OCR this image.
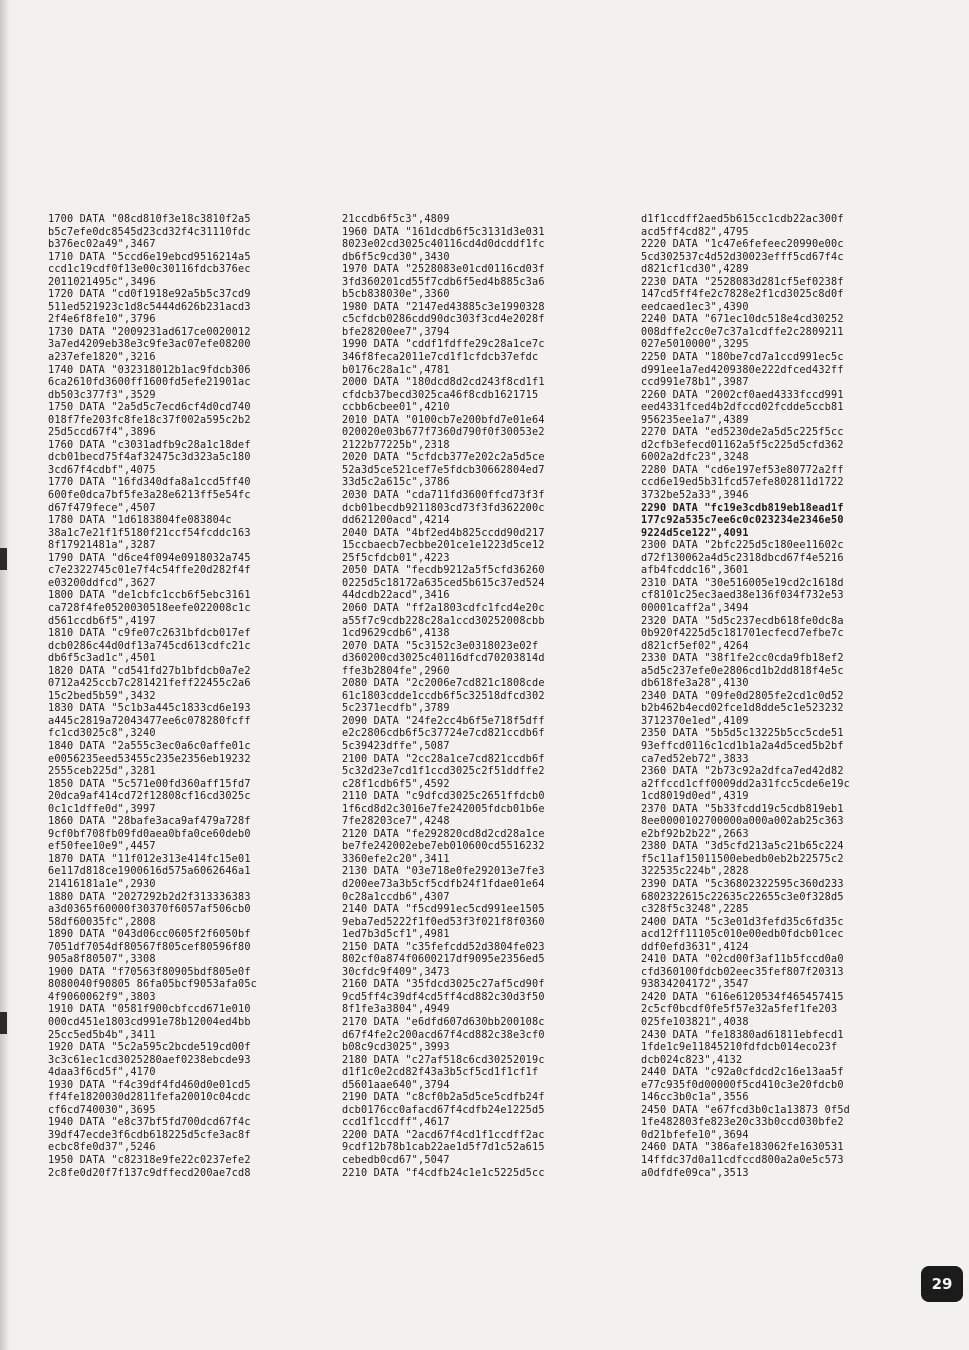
1700 DATA "08cd810f3e18c3810f2a5
b5c7efe0dc8545d23cd32f4c31110fdc
b376ec02a49",3467
1710 DATA "5ccd6e19ebcd9516214a5
ccd1c19cdf0f13e00c30116fdcb376ec
2011021495c",3496
1720 DATA "cd0f1918e92a5b5c37cd9
511ed521923c1d8c5444d626b231acd3
2f4e6f8fe10",3796
1730 DATA "2009231ad617ce0020012
3a7ed4209eb38e3c9fe3ac07efe08200
a237efe1820",3216
1740 DATA "032318012b1ac9fdcb306
6ca2610fd3600ff1600fd5efe21901ac
db503c377f3",3529
1750 DATA "2a5d5c7ecd6cf4d0cd740
018f7fe203fc8fe18c37f002a595c2b2
25d5ccd67f4",3896
1760 DATA "c3031adfb9c28a1c18def
dcb01becd75f4af32475c3d323a5c180
3cd67f4cdbf",4075
1770 DATA "16fd340dfa8a1ccd5ff40
600fe0dca7bf5fe3a28e6213ff5e54fc
d67f479fece",4507
1780 DATA "1d6183804fe083804c
38a1c7e21f1f5180f21ccf54fcddc163
8f17921481a",3287
1790 DATA "d6ce4f094e0918032a745
c7e2322745c01e7f4c54ffe20d282f4f
e03200ddfcd",3627
1800 DATA "de1cbfc1ccb6f5ebc3161
ca728f4fe0520030518eefe022008c1c
d561ccdb6f5",4197
1810 DATA "c9fe07c2631bfdcb017ef
dcb0286c44d0df13a745cd613cdfc21c
db6f5c3ad1c",4501
1820 DATA "cd541fd27b1bfdcb0a7e2
0712a425ccb7c281421feff22455c2a6
15c2bed5b59",3432
1830 DATA "5c1b3a445c1833cd6e193
a445c2819a72043477ee6c078280fcff
fc1cd3025c8",3240
1840 DATA "2a555c3ec0a6c0affe01c
e0056235eed53455c235e2356eb19232
2555ceb225d",3281
1850 DATA "5c571e00fd360aff15fd7
20dca9af414cd72f12808cf16cd3025c
0c1c1dffe0d",3997
1860 DATA "28bafe3aca9af479a728f
9cf0bf708fb09fd0aea0bfa0ce60deb0
ef50fee10e9",4457
1870 DATA "11f012e313e414fc15e01
6e117d818ce1900616d575a6062646a1
21416181a1e",2930
1880 DATA "2027292b2d2f313336383
a3d0365f60000f30370f6057af506cb0
58df60035fc",2808
1890 DATA "043d06cc0605f2f6050bf
7051df7054df80567f805cef80596f80
905a8f80507",3308
1900 DATA "f70563f80905bdf805e0f
8080040f90805 86fa05bcf9053afa05c
4f9060062f9",3803
1910 DATA "0581f900cbfccd671e010
000cd451e1803cd991e78b12004ed4bb
25cc5ed5b4b",3411
1920 DATA "5c2a595c2bcde519cd00f
3c3c61ec1cd3025280aef0238ebcde93
4daa3f6cd5f",4170
1930 DATA "f4c39df4fd460d0e01cd5
ff4fe1820030d2811fefa20010c04cdc
cf6cd740030",3695
1940 DATA "e8c37bf5fd700dcd67f4c
39df47ecde3f6cdb618225d5cfe3ac8f
ecbc8fe0d37",5246
1950 DATA "c82318e9fe22c0237efe2
2c8fe0d20f7f137c9dffecd200ae7cd8
21ccdb6f5c3",4809
1960 DATA "161dcdb6f5c3131d3e031
8023e02cd3025c40116cd4d0dcddf1fc
db6f5c9cd30",3430
1970 DATA "2528083e01cd0116cd03f
3fd360201cd55f7cdb6f5ed4b885c3a6
b5cb838030e",3360
1980 DATA "2147ed43885c3e1990328
c5cfdcb0286cdd90dc303f3cd4e2028f
bfe28200ee7",3794
1990 DATA "cddf1fdffe29c28a1ce7c
346f8feca2011e7cd1f1cfdcb37efdc
b0176c28a1c",4781
2000 DATA "180dcd8d2cd243f8cd1f1
cfdcb37becd3025ca46f8cdb1621715
ccbb6cbee01",4210
2010 DATA "0100cb7e200bfd7e01e64
020020e03b677f7360d790f0f30053e2
2122b77225b",2318
2020 DATA "5cfdcb377e202c2a5d5ce
52a3d5ce521cef7e5fdcb30662804ed7
33d5c2a615c",3786
2030 DATA "cda711fd3600ffcd73f3f
dcb01becdb9211803cd73f3fd362200c
dd621200acd",4214
2040 DATA "4bf2ed4b825ccdd90d217
15ccbaecb7ecbbe201ce1e1223d5ce12
25f5cfdcb01",4223
2050 DATA "fecdb9212a5f5cfd36260
0225d5c18172a635ced5b615c37ed524
44dcdb22acd",3416
2060 DATA "ff2a1803cdfc1fcd4e20c
a55f7c9cdb228c28a1ccd30252008cbb
1cd9629cdb6",4138
2070 DATA "5c3152c3e0318023e02f
d360200cd3025c40116dfcd70203814d
ffe3b2804fe",2960
2080 DATA "2c2006e7cd821c1808cde
61c1803cdde1ccdb6f5c32518dfcd302
5c2371ecdfb",3789
2090 DATA "24fe2cc4b6f5e718f5dff
e2c2806cdb6f5c37724e7cd821ccdb6f
5c39423dffe",5087
2100 DATA "2cc28a1ce7cd821ccdb6f
5c32d23e7cd1f1ccd3025c2f51ddffe2
c28f1cdb6f5",4592
2110 DATA "c9dfcd3025c2651ffdcb0
1f6cd8d2c3016e7fe242005fdcb01b6e
7fe28203ce7",4248
2120 DATA "fe292820cd8d2cd28a1ce
be7fe242002ebe7eb010600cd5516232
3360efe2c20",3411
2130 DATA "03e718e0fe292013e7fe3
d200ee73a3b5cf5cdfb24f1fdae01e64
0c28a1ccdb6",4307
2140 DATA "f5cd991ec5cd991ee1505
9eba7ed5222f1f0ed53f3f021f8f0360
1ed7b3d5cf1",4981
2150 DATA "c35fefcdd52d3804fe023
802cf0a874f0600217df9095e2356ed5
30cfdc9f409",3473
2160 DATA "35fdcd3025c27af5cd90f
9cd5ff4c39df4cd5ff4cd882c30d3f50
8f1fe3a3804",4949
2170 DATA "e6dfd607d630bb200108c
d67f4fe2c200acd67f4cd882c38e3cf0
b08c9cd3025",3993
2180 DATA "c27af518c6cd30252019c
d1f1c0e2cd82f43a3b5cf5cd1f1cf1f
d5601aae640",3794
2190 DATA "c8cf0b2a5d5ce5cdfb24f
dcb0176cc0afacd67f4cdfb24e1225d5
ccd1f1ccdff",4617
2200 DATA "2acd67f4cd1f1ccdff2ac
9cdf12b78b1cab22ae1d5f7d1c52a615
cebedb0cd67",5047
2210 DATA "f4cdfb24c1e1c5225d5cc
d1f1ccdff2aed5b615cc1cdb22ac300f
acd5ff4cd82",4795
2220 DATA "1c47e6fefeec20990e00c
5cd302537c4d52d30023efff5cd67f4c
d821cf1cd30",4289
2230 DATA "2528083d281cf5ef0238f
147cd5ff4fe2c7828e2f1cd3025c8d0f
eedcaed1ec3",4390
2240 DATA "671ec10dc518e4cd30252
008dffe2cc0e7c37a1cdffe2c2809211
027e5010000",3295
2250 DATA "180be7cd7a1ccd991ec5c
d991ee1a7ed4209380e222dfced432ff
ccd991e78b1",3987
2260 DATA "2002cf0aed4333fccd991
eed4331fced4b2dfccd02fcdde5ccb81
956235ee1a7",4389
2270 DATA "ed5230de2a5d5c225f5cc
d2cfb3efecd01162a5f5c225d5cfd362
6002a2dfc23",3248
2280 DATA "cd6e197ef53e80772a2ff
ccd6e19ed5b31fcd57efe802811d1722
3732be52a33",3946
2290 DATA "fc19e3cdb819eb18ead1f
177c92a535c7ee6c0c023234e2346e50
9224d5ce122",4091
2300 DATA "2bfc225d5c180ee11602c
d72f130062a4d5c2318dbcd67f4e5216
afb4fcddc16",3601
2310 DATA "30e516005e19cd2c1618d
cf8101c25ec3aed38e136f034f732e53
00001caff2a",3494
2320 DATA "5d5c237ecdb618fe0dc8a
0b920f4225d5c181701ecfecd7efbe7c
d821cf5ef02",4264
2330 DATA "38f1fe2cc0cda9fb18ef2
a5d5c237efe0e2806cd1b2dd818f4e5c
db618fe3a28",4130
2340 DATA "09fe0d2805fe2cd1c0d52
b2b462b4ecd02fce1d8dde5c1e523232
3712370e1ed",4109
2350 DATA "5b5d5c13225b5cc5cde51
93effcd0116c1cd1b1a2a4d5ced5b2bf
ca7ed52eb72",3833
2360 DATA "2b73c92a2dfca7ed42d82
a2ffccd1cff0009dd2a31fcc5cde6e19c
1cd8019d0ed",4319
2370 DATA "5b33fcdd19c5cdb819eb1
8ee0000102700000a000a002ab25c363
e2bf92b2b22",2663
2380 DATA "3d5cfd213a5c21b65c224
f5c11af15011500ebedb0eb2b22575c2
322535c224b",2828
2390 DATA "5c36802322595c360d233
6802322615c22635c22655c3e0f328d5
c328f5c3248",2285
2400 DATA "5c3e01d3fefd35c6fd35c
acd12ff11105c010e00edb0fdcb01cec
ddf0efd3631",4124
2410 DATA "02cd00f3af11b5fccd0a0
cfd360100fdcb02eec35fef807f20313
93834204172",3547
2420 DATA "616e6120534f465457415
2c5cf0bcdf0fe5f57e32a5fef1fe203
025fe103821",4038
2430 DATA "fe18380ad61811ebfecd1
1fde1c9e11845210fdfdcb014eco23f
dcb024c823",4132
2440 DATA "c92a0cfdcd2c16e13aa5f
e77c935f0d00000f5cd410c3e20fdcb0
146cc3b0c1a",3556
2450 DATA "e67fcd3b0c1a13873 0f5d
1fe482803fe823e20c33b0ccd030bfe2
0d21bfefe10",3694
2460 DATA "386afe183062fe1630531
14ffdc37d0a11cdfccd800a2a0e5c573
a0dfdfe09ca",3513
29
